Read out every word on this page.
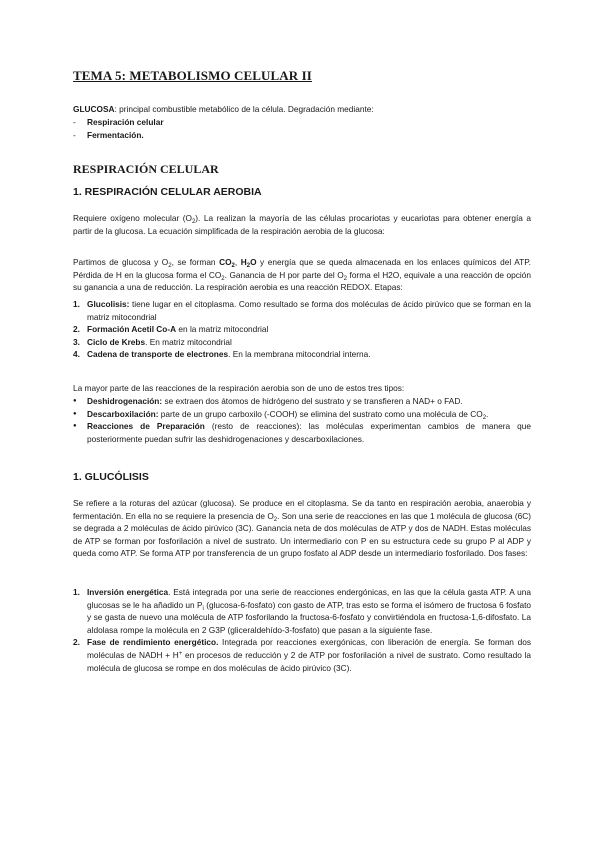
TEMA 5: METABOLISMO CELULAR II

GLUCOSA: principal combustible metabólico de la célula. Degradación mediante:

- Respiración celular
- Fermentación.
RESPIRACIÓN CELULAR
1. RESPIRACIÓN CELULAR AEROBIA

Requiere oxígeno molecular $(O_2)$. La realizan la mayoría de las células procariotas y eucariotas para obtener energía a partir de la glucosa. La ecuación simplificada de la respiración aerobia de la glucosa:

Partimos de glucosa y $O_2$, se forman $CO_2$, $H_2O$ y energía que se queda almacenada en los enlaces químicos del ATP. Pérdida de H en la glucosa forma el $CO_2$. Ganancia de H por parte del $O_2$ forma el H2O, equivale a una reacción de opción su ganancia a una de reducción. La respiración aerobia es una reacción REDOX. Etapas:

1. Glucolisis: tiene lugar en el citoplasma. Como resultado se forma dos moléculas de ácido pirúvico que se forman en la matriz mitocondrial
2. Formación Acetil Co-A en la matriz mitocondrial
3. Ciclo de Krebs. En matriz mitocondrial
4. Cadena de transporte de electrones. En la membrana mitocondrial interna.

La mayor parte de las reacciones de la respiración aerobia son de uno de estos tres tipos:

● Deshidrogenación: se extraen dos átomos de hidrógeno del sustrato y se transfieren a NAD+ o FAD.
● Descarboxilación: parte de un grupo carboxilo (-COOH) se elimina del sustrato como una molécula de $CO_2$.
● Reacciones de Preparación (resto de reacciones): las moléculas experimentan cambios de manera que posteriormente puedan sufrir las deshidrogenaciones y descarboxilaciones.
1. GLUCÓLISIS

Se refiere a la roturas del azúcar (glucosa). Se produce en el citoplasma. Se da tanto en respiración aerobia, anaerobia y fermentación. En ella no se requiere la presencia de $O_2$. Son una serie de reacciones en las que 1 molécula de glucosa (6C) se degrada a 2 moléculas de ácido pirúvico (3C). Ganancia neta de dos moléculas de ATP y dos de NADH. Estas moléculas de ATP se forman por fosforilación a nivel de sustrato. Un intermediario con P en su estructura cede su grupo P al ADP y queda como ATP. Se forma ATP por transferencia de un grupo fosfato al ADP desde un intermediario fosforilado. Dos fases:

1. Inversión energética. Está integrada por una serie de reacciones endergónicas, en las que la célula gasta ATP. A una glucosas se le ha añadido un $P_i$ (glucosa-6-fosfato) con gasto de ATP, tras esto se forma el isómero de fructosa 6 fosfato y se gasta de nuevo una molécula de ATP fosforilando la fructosa-6-fosfato y convirtiéndola en fructosa-1,6-difosfato. La aldolasa rompe la molécula en 2 G3P (gliceraldehído-3-fosfato) que pasan a la siguiente fase.
2. Fase de rendimiento energético. Integrada por reacciones exergónicas, con liberación de energía. Se forman dos moléculas de NADH + H+ en procesos de reducción y 2 de ATP por fosforilación a nivel de sustrato. Como resultado la molécula de glucosa se rompe en dos moléculas de ácido pirúvico (3C).
